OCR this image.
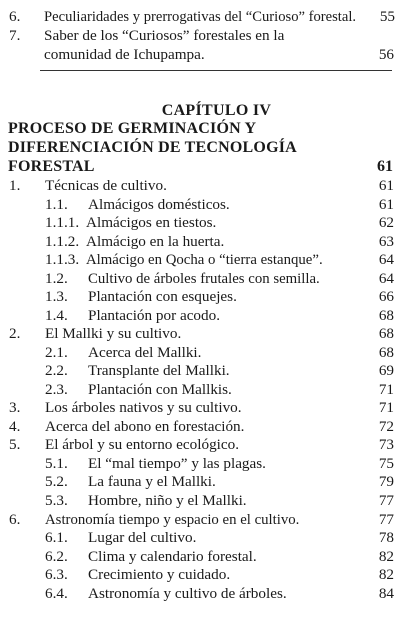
6. Peculiaridades y prerrogativas del “Curioso” forestal. 55
7. Saber de los “Curiosos” forestales en la
comunidad de Ichupampa.	56
CAPÍTULO IV
PROCESO DE GERMINACIÓN Y
DIFERENCIACIÓN DE TECNOLOGÍA
FORESTAL	61
1. Técnicas de cultivo.	61
1.1. Almácigos domésticos.	61
1.1.1. Almácigos en tiestos.	62
1.1.2. Almácigo en la huerta.	63
1.1.3. Almácigo en Qocha o “tierra estanque”.	64
1.2. Cultivo de árboles frutales con semilla.	64
1.3. Plantación con esquejes.	66
1.4. Plantación por acodo.	68
2. El Mallki y su cultivo.	68
2.1. Acerca del Mallki.	68
2.2. Transplante del Mallki.	69
2.3. Plantación con Mallkis.	71
3. Los árboles nativos y su cultivo.	71
4. Acerca del abono en forestación.	72
5. El árbol y su entorno ecológico.	73
5.1. El “mal tiempo” y las plagas.	75
5.2. La fauna y el Mallki.	79
5.3. Hombre, niño y el Mallki.	77
6. Astronomía tiempo y espacio en el cultivo.	77
6.1. Lugar del cultivo.	78
6.2. Clima y calendario forestal.	82
6.3. Crecimiento y cuidado.	82
6.4. Astronomía y cultivo de árboles.	84
